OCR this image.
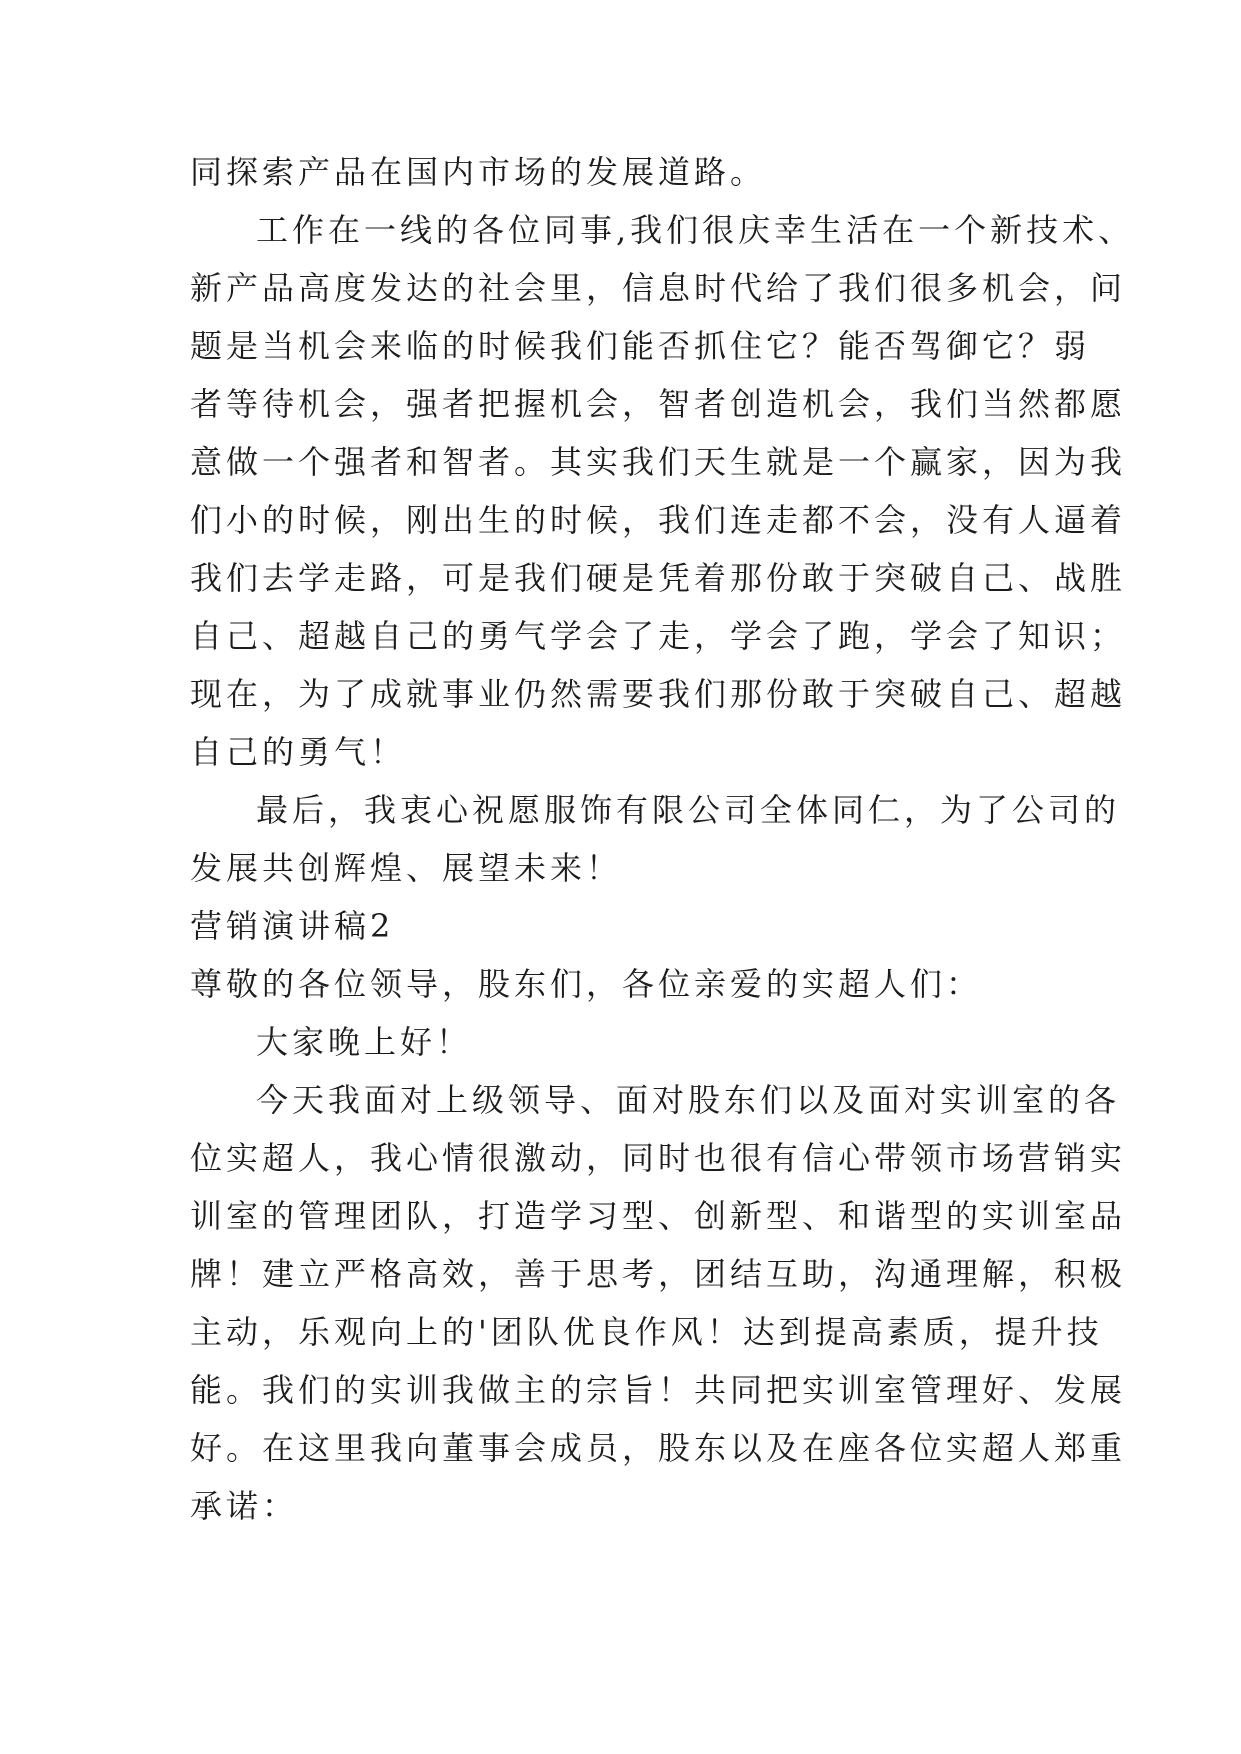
同探索产品在国内市场的发展道路。
工作在一线的各位同事,我们很庆幸生活在一个新技术、
新产品高度发达的社会里，信息时代给了我们很多机会，问
题是当机会来临的时候我们能否抓住它？能否驾御它？弱
者等待机会，强者把握机会，智者创造机会，我们当然都愿
意做一个强者和智者。其实我们天生就是一个赢家，因为我
们小的时候，刚出生的时候，我们连走都不会，没有人逼着
我们去学走路，可是我们硬是凭着那份敢于突破自己、战胜
自己、超越自己的勇气学会了走，学会了跑，学会了知识；
现在，为了成就事业仍然需要我们那份敢于突破自己、超越
自己的勇气！
最后，我衷心祝愿服饰有限公司全体同仁，为了公司的
发展共创辉煌、展望未来！
营销演讲稿2
尊敬的各位领导，股东们，各位亲爱的实超人们：
大家晚上好！
今天我面对上级领导、面对股东们以及面对实训室的各
位实超人，我心情很激动，同时也很有信心带领市场营销实
训室的管理团队，打造学习型、创新型、和谐型的实训室品
牌！建立严格高效，善于思考，团结互助，沟通理解，积极
主动，乐观向上的'团队优良作风！达到提高素质，提升技
能。我们的实训我做主的宗旨！共同把实训室管理好、发展
好。在这里我向董事会成员，股东以及在座各位实超人郑重
承诺：
